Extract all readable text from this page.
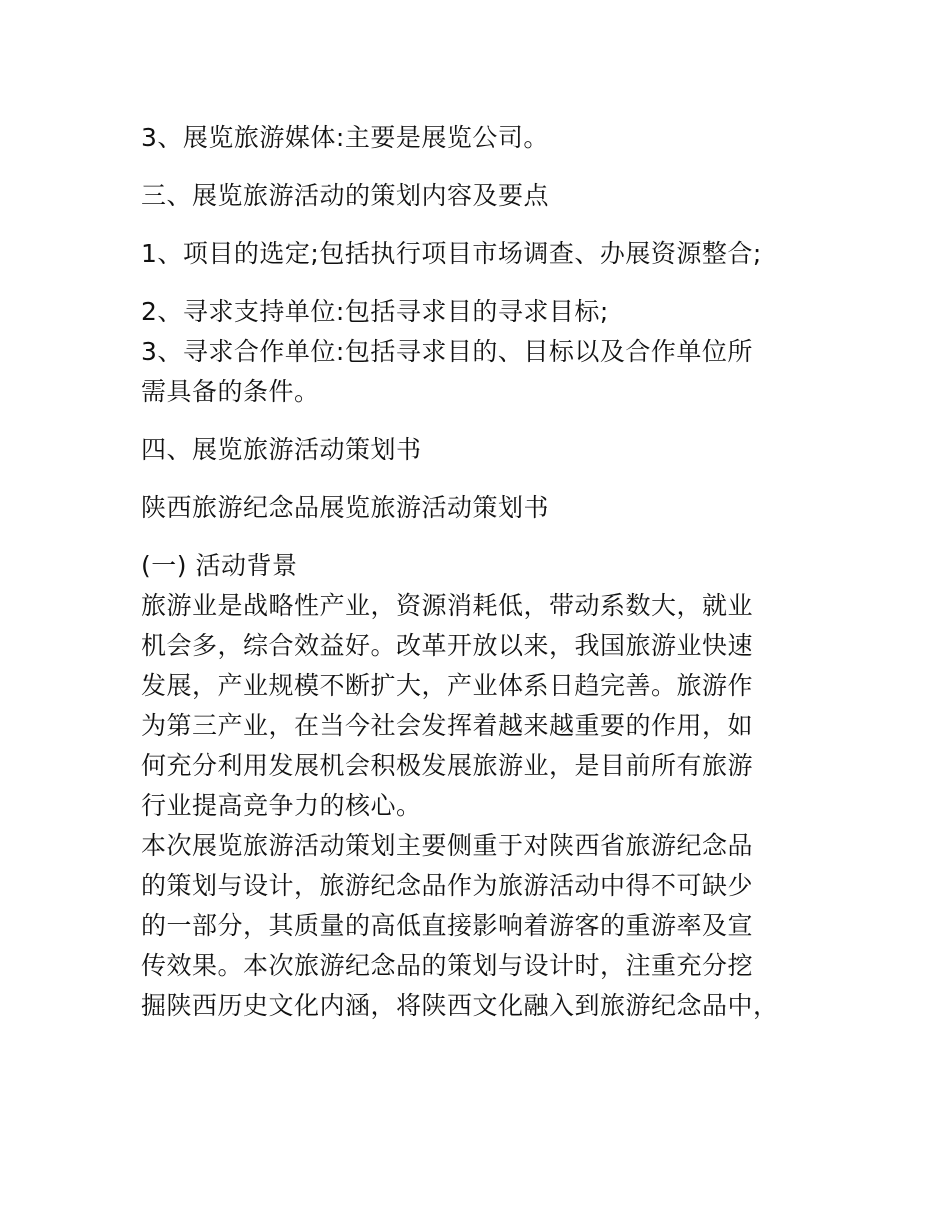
3、展览旅游媒体:主要是展览公司。

三、展览旅游活动的策划内容及要点

1、项目的选定;包括执行项目市场调查、办展资源整合;

2、寻求支持单位:包括寻求目的寻求目标;

3、寻求合作单位:包括寻求目的、目标以及合作单位所
需具备的条件。

四、展览旅游活动策划书

陕西旅游纪念品展览旅游活动策划书

(一) 活动背景

旅游业是战略性产业，资源消耗低，带动系数大，就业
机会多，综合效益好。改革开放以来，我国旅游业快速
发展，产业规模不断扩大，产业体系日趋完善。旅游作
为第三产业，在当今社会发挥着越来越重要的作用，如
何充分利用发展机会积极发展旅游业，是目前所有旅游
行业提高竞争力的核心。
本次展览旅游活动策划主要侧重于对陕西省旅游纪念品
的策划与设计，旅游纪念品作为旅游活动中得不可缺少
的一部分，其质量的高低直接影响着游客的重游率及宣
传效果。本次旅游纪念品的策划与设计时，注重充分挖
掘陕西历史文化内涵，将陕西文化融入到旅游纪念品中，
